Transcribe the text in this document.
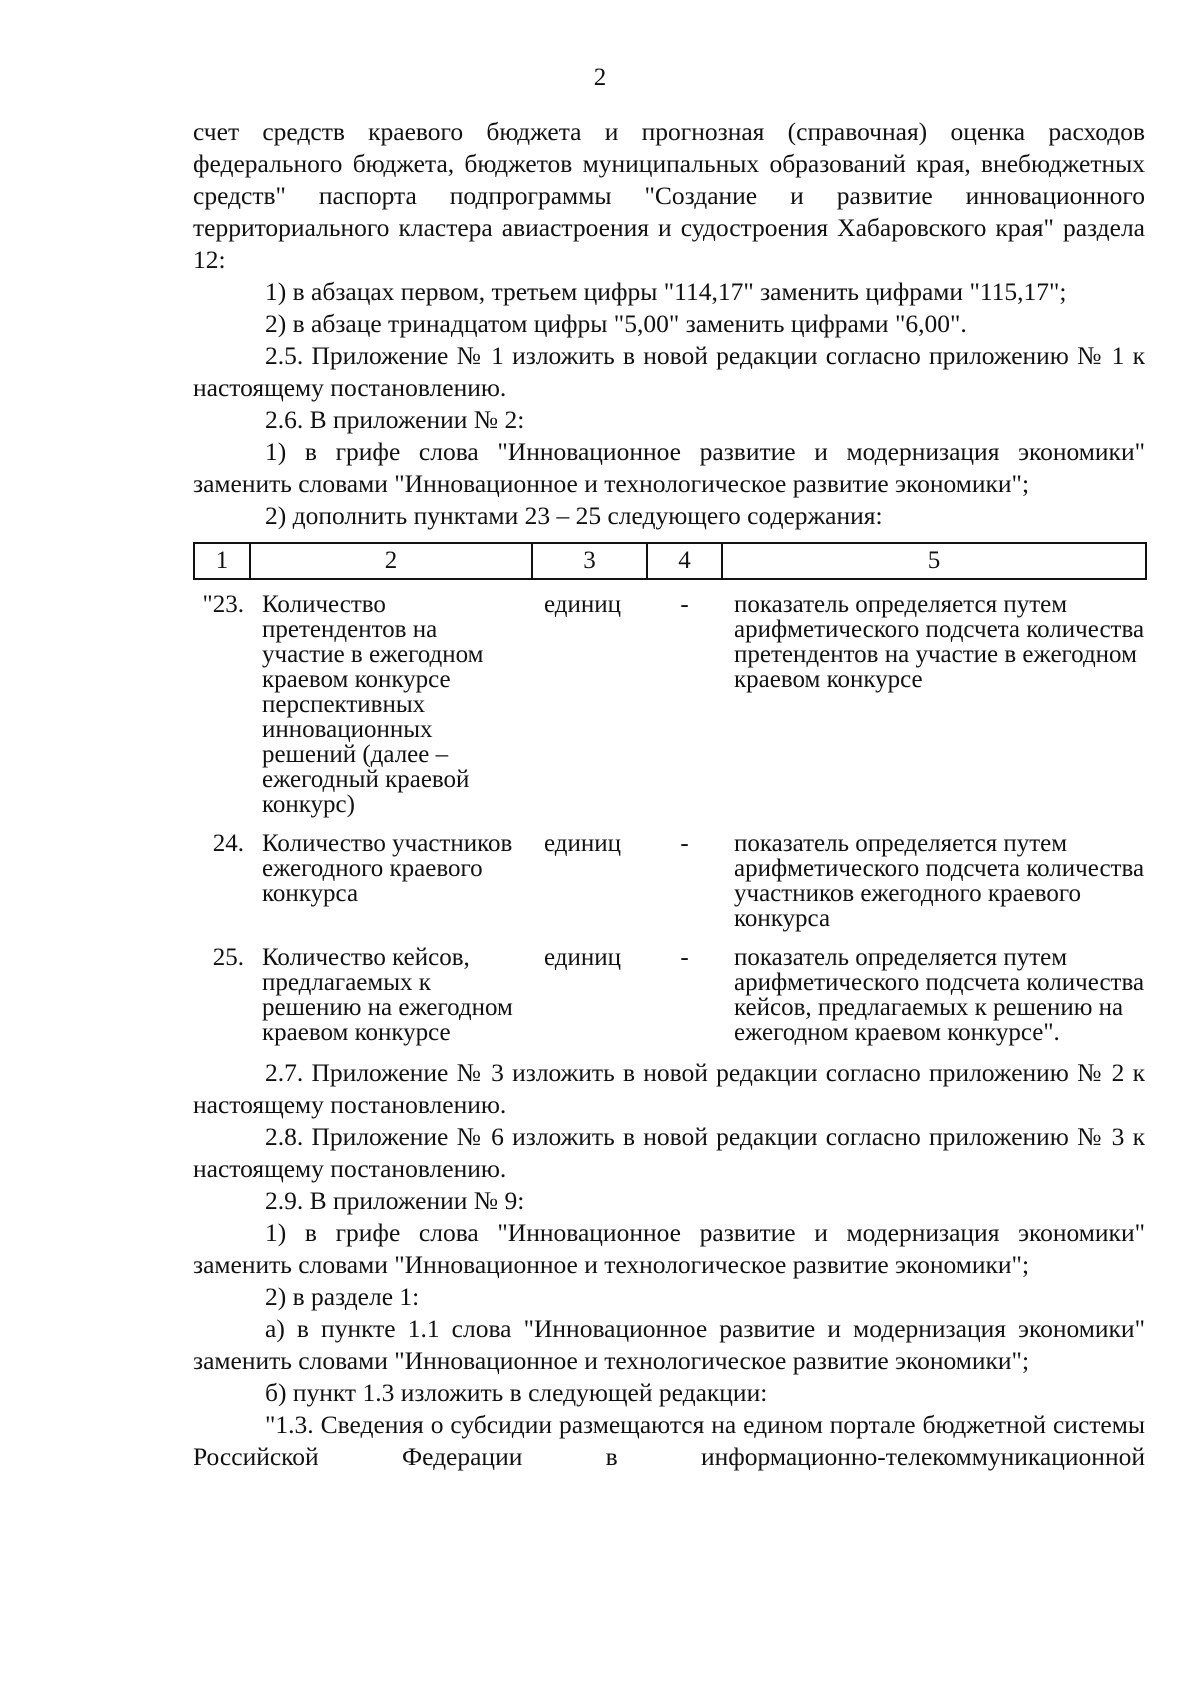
2

счет средств краевого бюджета и прогнозная (справочная) оценка расходов федерального бюджета, бюджетов муниципальных образований края, внебюджетных средств" паспорта подпрограммы "Создание и развитие инновационного территориального кластера авиастроения и судостроения Хабаровского края" раздела 12:

1) в абзацах первом, третьем цифры "114,17" заменить цифрами "115,17";

2) в абзаце тринадцатом цифры "5,00" заменить цифрами "6,00".

2.5. Приложение № 1 изложить в новой редакции согласно приложению № 1 к настоящему постановлению.

2.6. В приложении № 2:

1) в грифе слова "Инновационное развитие и модернизация экономики" заменить словами "Инновационное и технологическое развитие экономики";

2) дополнить пунктами 23 – 25 следующего содержания:

1	2	3	4	5
"23.	Количество претендентов на участие в ежегодном краевом конкурсе перспективных инновационных решений (далее – ежегодный краевой конкурс)	единиц	-	показатель определяется путем арифметического подсчета количества претендентов на участие в ежегодном краевом конкурсе
24.	Количество участников ежегодного краевого конкурса	единиц	-	показатель определяется путем арифметического подсчета количества участников ежегодного краевого конкурса
25.	Количество кейсов, предлагаемых к решению на ежегодном краевом конкурсе	единиц	-	показатель определяется путем арифметического подсчета количества кейсов, предлагаемых к решению на ежегодном краевом конкурсе".

2.7. Приложение № 3 изложить в новой редакции согласно приложению № 2 к настоящему постановлению.

2.8. Приложение № 6 изложить в новой редакции согласно приложению № 3 к настоящему постановлению.

2.9. В приложении № 9:

1) в грифе слова "Инновационное развитие и модернизация экономики" заменить словами "Инновационное и технологическое развитие экономики";

2) в разделе 1:

а) в пункте 1.1 слова "Инновационное развитие и модернизация экономики" заменить словами "Инновационное и технологическое развитие экономики";

б) пункт 1.3 изложить в следующей редакции:

"1.3. Сведения о субсидии размещаются на едином портале бюджетной системы Российской Федерации в информационно-телекоммуникационной
